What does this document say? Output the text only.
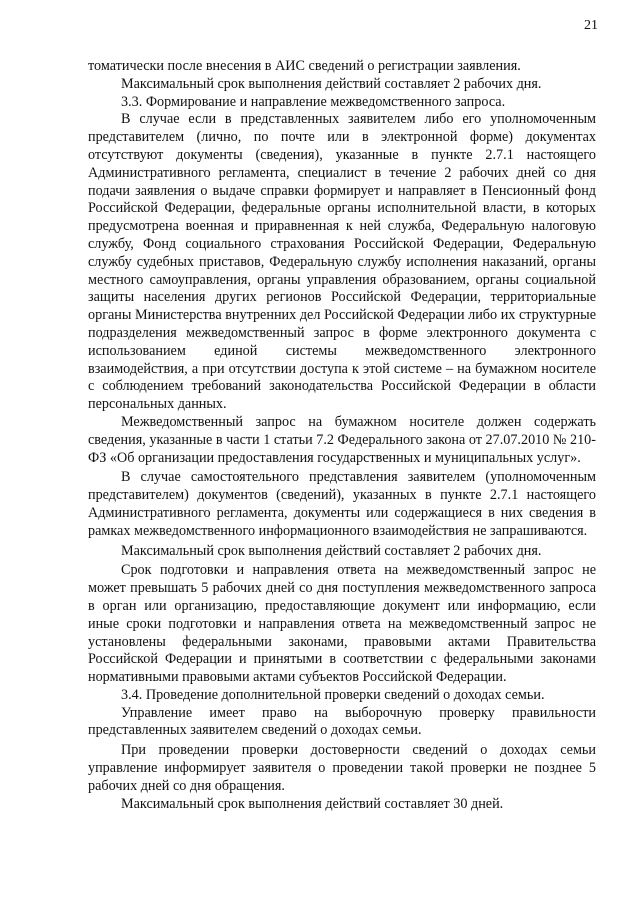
21

томатически после внесения в АИС сведений о регистрации заявления.

Максимальный срок выполнения действий составляет 2 рабочих дня.

3.3. Формирование и направление межведомственного запроса.

В случае если в представленных заявителем либо его уполномоченным представителем (лично, по почте или в электронной форме) документах отсутствуют документы (сведения), указанные в пункте 2.7.1 настоящего Административного регламента, специалист в течение 2 рабочих дней со дня подачи заявления о выдаче справки формирует и направляет в Пенсионный фонд Российской Федерации, федеральные органы исполнительной власти, в которых предусмотрена военная и приравненная к ней служба, Федеральную налоговую службу, Фонд социального страхования Российской Федерации, Федеральную службу судебных приставов, Федеральную службу исполнения наказаний, органы местного самоуправления, органы управления образованием, органы социальной защиты населения других регионов Российской Федерации, территориальные органы Министерства внутренних дел Российской Федерации либо их структурные подразделения межведомственный запрос в форме электронного документа с использованием единой системы межведомственного электронного взаимодействия, а при отсутствии доступа к этой системе – на бумажном носителе с соблюдением требований законодательства Российской Федерации в области персональных данных.

Межведомственный запрос на бумажном носителе должен содержать сведения, указанные в части 1 статьи 7.2 Федерального закона от 27.07.2010 № 210-ФЗ «Об организации предоставления государственных и муниципальных услуг».

В случае самостоятельного представления заявителем (уполномоченным представителем) документов (сведений), указанных в пункте 2.7.1 настоящего Административного регламента, документы или содержащиеся в них сведения в рамках межведомственного информационного взаимодействия не запрашиваются.

Максимальный срок выполнения действий составляет 2 рабочих дня.

Срок подготовки и направления ответа на межведомственный запрос не может превышать 5 рабочих дней со дня поступления межведомственного запроса в орган или организацию, предоставляющие документ или информацию, если иные сроки подготовки и направления ответа на межведомственный запрос не установлены федеральными законами, правовыми актами Правительства Российской Федерации и принятыми в соответствии с федеральными законами нормативными правовыми актами субъектов Российской Федерации.

3.4. Проведение дополнительной проверки сведений о доходах семьи.

Управление имеет право на выборочную проверку правильности представленных заявителем сведений о доходах семьи.

При проведении проверки достоверности сведений о доходах семьи управление информирует заявителя о проведении такой проверки не позднее 5 рабочих дней со дня обращения.

Максимальный срок выполнения действий составляет 30 дней.
